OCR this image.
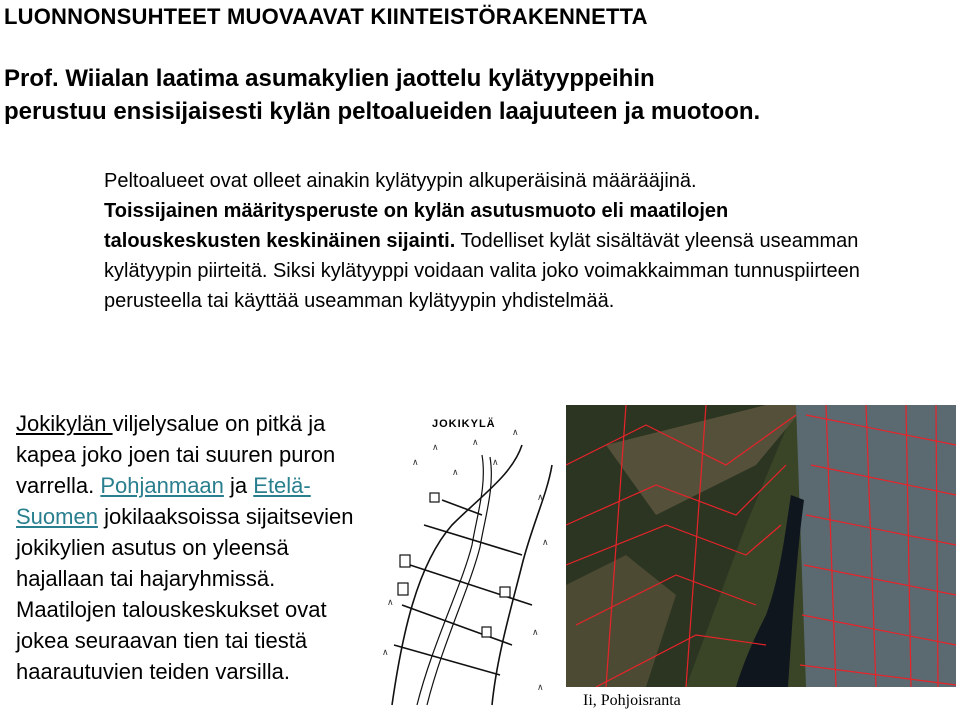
LUONNONSUHTEET MUOVAAVAT KIINTEISTÖRAKENNETTA
Prof. Wiialan laatima asumakylien jaottelu kylätyyppeihin
perustuu ensisijaisesti kylän peltoalueiden laajuuteen ja muotoon.
Peltoalueet ovat olleet ainakin kylätyypin alkuperäisinä määrääjinä.
Toissijainen määritysperuste on kylän asutusmuoto eli maatilojen talouskeskusten keskinäinen sijainti. Todelliset kylät sisältävät yleensä useamman kylätyypin piirteitä. Siksi kylätyyppi voidaan valita joko voimakkaimman tunnuspiirteen perusteella tai käyttää useamman kylätyypin yhdistelmää.
Jokikylän viljelysalue on pitkä ja kapea joko joen tai suuren puron varrella. Pohjanmaan ja Etelä-Suomen jokilaaksoissa sijaitsevien jokikylien asutus on yleensä hajallaan tai hajaryhmissä. Maatilojen talouskeskukset ovat jokea seuraavan tien tai tiestä haarautuvien teiden varsilla.
JOKIKYLÄ
∧	∧
∧
∧
∧
∧
∧
∧
∧
∧
∧	∧
Ii, Pohjoisranta
